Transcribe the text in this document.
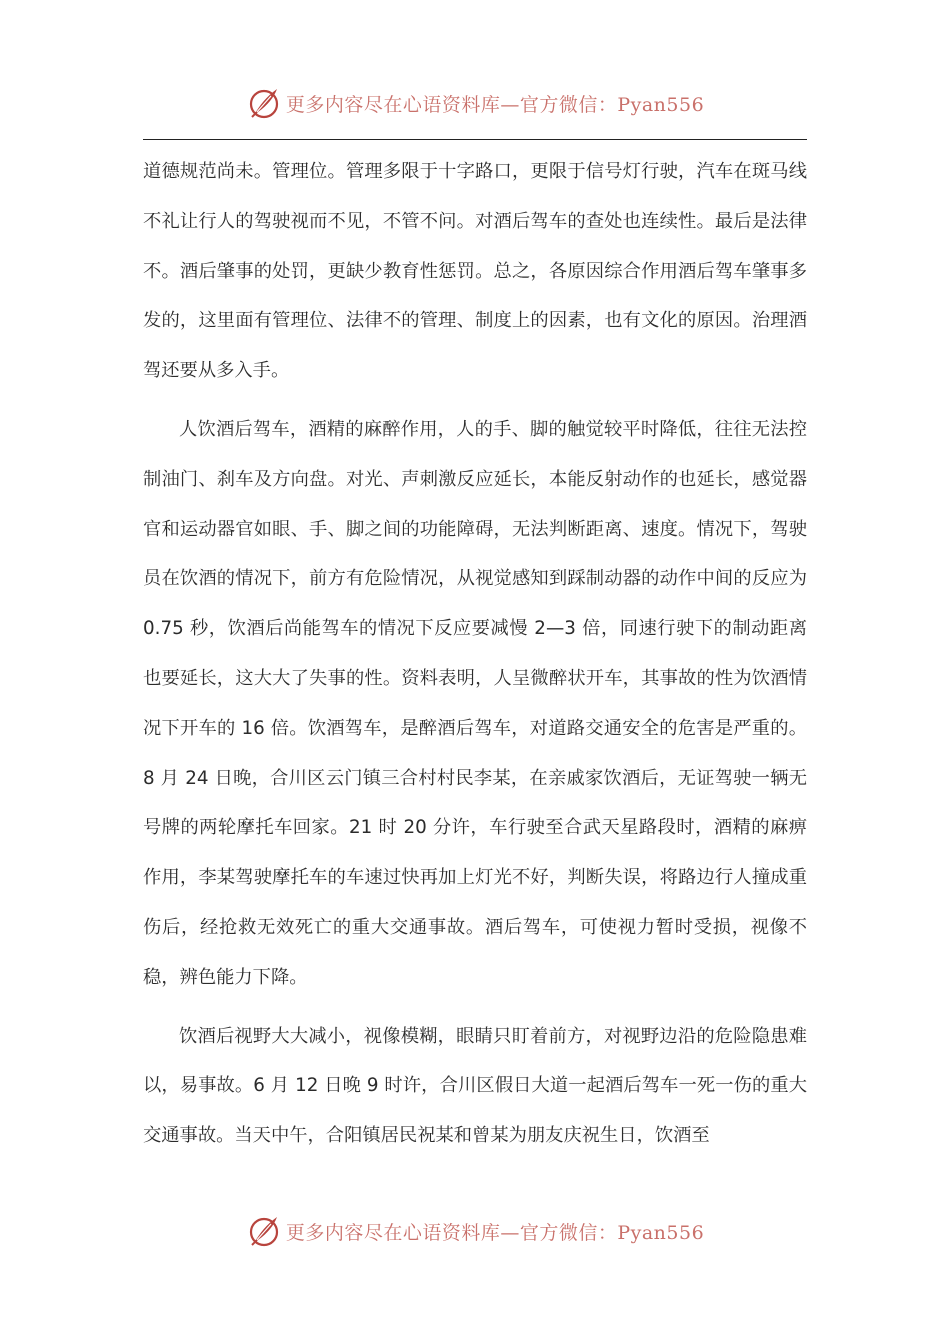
更多内容尽在心语资料库—官方微信：Pyan556

道德规范尚未。管理位。管理多限于十字路口，更限于信号灯行驶，汽车在斑马线不礼让行人的驾驶视而不见，不管不问。对酒后驾车的查处也连续性。最后是法律不。酒后肇事的处罚，更缺少教育性惩罚。总之，各原因综合作用酒后驾车肇事多发的，这里面有管理位、法律不的管理、制度上的因素，也有文化的原因。治理酒驾还要从多入手。

人饮酒后驾车，酒精的麻醉作用，人的手、脚的触觉较平时降低，往往无法控制油门、刹车及方向盘。对光、声刺激反应延长，本能反射动作的也延长，感觉器官和运动器官如眼、手、脚之间的功能障碍，无法判断距离、速度。情况下，驾驶员在饮酒的情况下，前方有危险情况，从视觉感知到踩制动器的动作中间的反应为 0.75 秒，饮酒后尚能驾车的情况下反应要减慢 2—3 倍，同速行驶下的制动距离也要延长，这大大了失事的性。资料表明，人呈微醉状开车，其事故的性为饮酒情况下开车的 16 倍。饮酒驾车，是醉酒后驾车，对道路交通安全的危害是严重的。8 月 24 日晚，合川区云门镇三合村村民李某，在亲戚家饮酒后，无证驾驶一辆无号牌的两轮摩托车回家。21 时 20 分许，车行驶至合武天星路段时，酒精的麻痹作用，李某驾驶摩托车的车速过快再加上灯光不好，判断失误，将路边行人撞成重伤后，经抢救无效死亡的重大交通事故。酒后驾车，可使视力暂时受损，视像不稳，辨色能力下降。

饮酒后视野大大减小，视像模糊，眼睛只盯着前方，对视野边沿的危险隐患难以，易事故。6 月 12 日晚 9 时许，合川区假日大道一起酒后驾车一死一伤的重大交通事故。当天中午，合阳镇居民祝某和曾某为朋友庆祝生日，饮酒至

更多内容尽在心语资料库—官方微信：Pyan556
